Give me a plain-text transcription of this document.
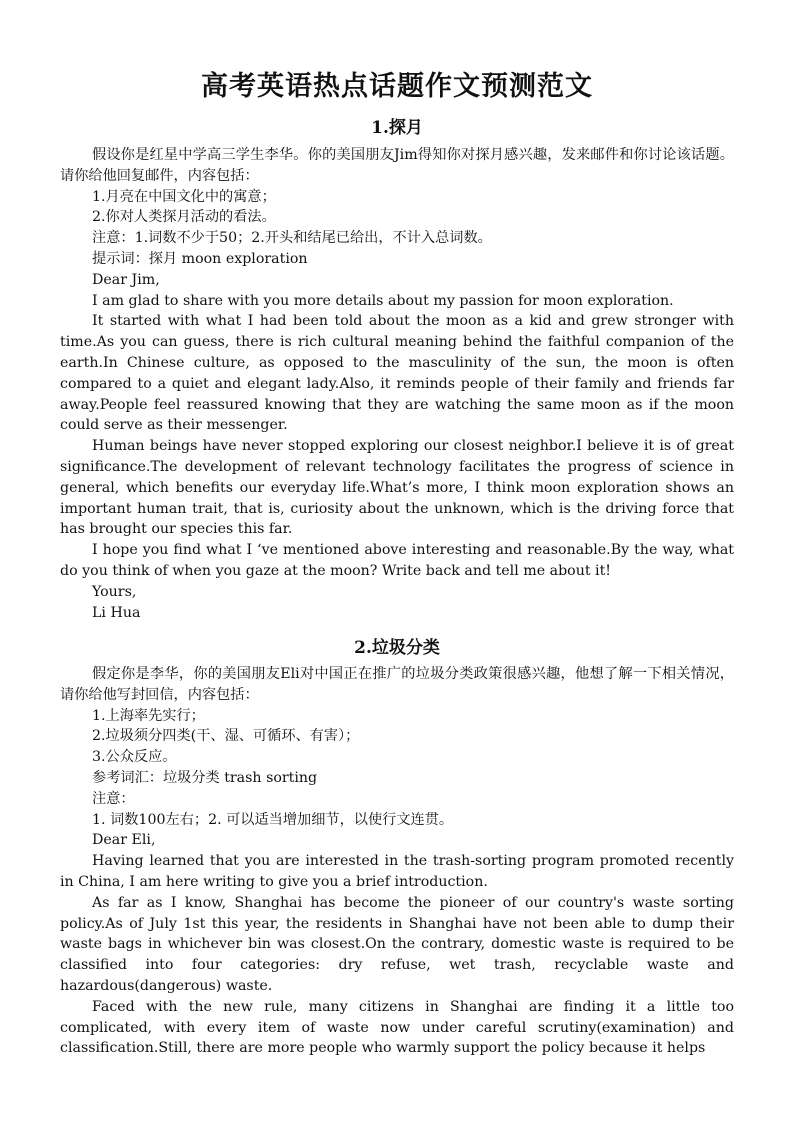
高考英语热点话题作文预测范文
1.探月

假设你是红星中学高三学生李华。你的美国朋友Jim得知你对探月感兴趣，发来邮件和你讨论该话题。请你给他回复邮件，内容包括：

1.月亮在中国文化中的寓意；
2.你对人类探月活动的看法。
注意：1.词数不少于50；2.开头和结尾已给出，不计入总词数。
提示词：探月 moon exploration
Dear Jim,

I am glad to share with you more details about my passion for moon exploration.

It started with what I had been told about the moon as a kid and grew stronger with time.As you can guess, there is rich cultural meaning behind the faithful companion of the earth.In Chinese culture, as opposed to the masculinity of the sun, the moon is often compared to a quiet and elegant lady.Also, it reminds people of their family and friends far away.People feel reassured knowing that they are watching the same moon as if the moon could serve as their messenger.

Human beings have never stopped exploring our closest neighbor.I believe it is of great significance.The development of relevant technology facilitates the progress of science in general, which benefits our everyday life.What’s more, I think moon exploration shows an important human trait, that is, curiosity about the unknown, which is the driving force that has brought our species this far.

I hope you find what I ‘ve mentioned above interesting and reasonable.By the way, what do you think of when you gaze at the moon? Write back and tell me about it!

Yours,
Li Hua
2.垃圾分类

假定你是李华，你的美国朋友Eli对中国正在推广的垃圾分类政策很感兴趣，他想了解一下相关情况，请你给他写封回信，内容包括：

1.上海率先实行；
2.垃圾须分四类(干、湿、可循环、有害）；
3.公众反应。
参考词汇：垃圾分类 trash sorting
注意：
1. 词数100左右；2. 可以适当增加细节，以使行文连贯。
Dear Eli,

Having learned that you are interested in the trash-sorting program promoted recently in China, I am here writing to give you a brief introduction.

As far as I know, Shanghai has become the pioneer of our country's waste sorting policy.As of July 1st this year, the residents in Shanghai have not been able to dump their waste bags in whichever bin was closest.On the contrary, domestic waste is required to be classified into four categories: dry refuse, wet trash, recyclable waste and hazardous(dangerous) waste.

Faced with the new rule, many citizens in Shanghai are finding it a little too complicated, with every item of waste now under careful scrutiny(examination) and classification.Still, there are more people who warmly support the policy because it helps
